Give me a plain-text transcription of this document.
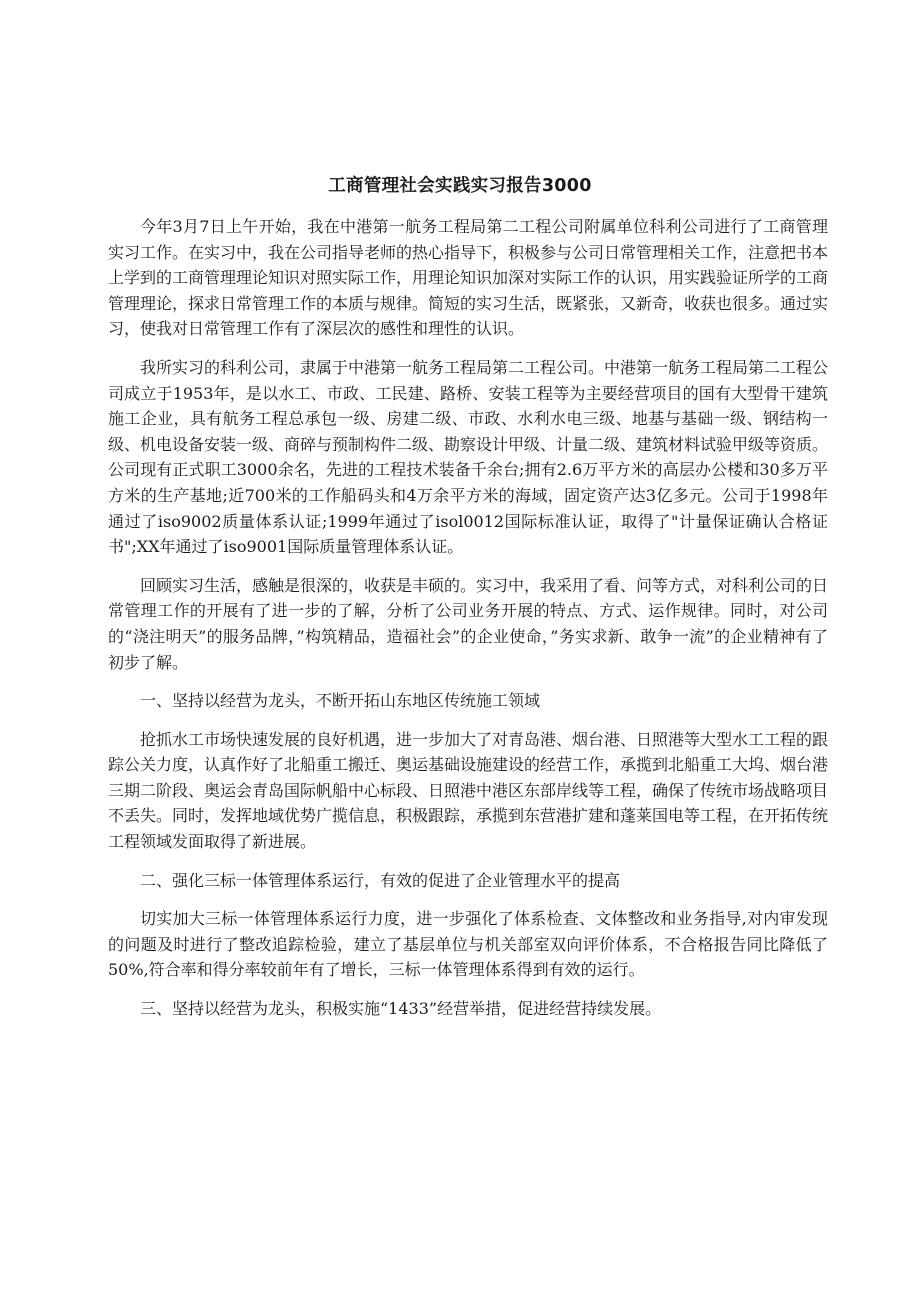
工商管理社会实践实习报告3000

今年3月7日上午开始，我在中港第一航务工程局第二工程公司附属单位科利公司进行了工商管理实习工作。在实习中，我在公司指导老师的热心指导下，积极参与公司日常管理相关工作，注意把书本上学到的工商管理理论知识对照实际工作，用理论知识加深对实际工作的认识，用实践验证所学的工商管理理论，探求日常管理工作的本质与规律。简短的实习生活，既紧张，又新奇，收获也很多。通过实习，使我对日常管理工作有了深层次的感性和理性的认识。

我所实习的科利公司，隶属于中港第一航务工程局第二工程公司。中港第一航务工程局第二工程公司成立于1953年，是以水工、市政、工民建、路桥、安装工程等为主要经营项目的国有大型骨干建筑施工企业，具有航务工程总承包一级、房建二级、市政、水利水电三级、地基与基础一级、钢结构一级、机电设备安装一级、商碎与预制构件二级、勘察设计甲级、计量二级、建筑材料试验甲级等资质。公司现有正式职工3000余名，先进的工程技术装备千余台;拥有2.6万平方米的高层办公楼和30多万平方米的生产基地;近700米的工作船码头和4万余平方米的海域，固定资产达3亿多元。公司于1998年通过了iso9002质量体系认证;1999年通过了isol0012国际标准认证，取得了"计量保证确认合格证书";XX年通过了iso9001国际质量管理体系认证。

回顾实习生活，感触是很深的，收获是丰硕的。实习中，我采用了看、问等方式，对科利公司的日常管理工作的开展有了进一步的了解，分析了公司业务开展的特点、方式、运作规律。同时，对公司的“浇注明天”的服务品牌，”构筑精品，造福社会”的企业使命，”务实求新、敢争一流”的企业精神有了初步了解。

一、坚持以经营为龙头，不断开拓山东地区传统施工领域

抢抓水工市场快速发展的良好机遇，进一步加大了对青岛港、烟台港、日照港等大型水工工程的跟踪公关力度，认真作好了北船重工搬迁、奥运基础设施建设的经营工作，承揽到北船重工大坞、烟台港三期二阶段、奥运会青岛国际帆船中心标段、日照港中港区东部岸线等工程，确保了传统市场战略项目不丢失。同时，发挥地域优势广揽信息，积极跟踪，承揽到东营港扩建和蓬莱国电等工程，在开拓传统工程领域发面取得了新进展。

二、强化三标一体管理体系运行，有效的促进了企业管理水平的提高

切实加大三标一体管理体系运行力度，进一步强化了体系检查、文体整改和业务指导,对内审发现的问题及时进行了整改追踪检验，建立了基层单位与机关部室双向评价体系，不合格报告同比降低了50%,符合率和得分率较前年有了增长，三标一体管理体系得到有效的运行。

三、坚持以经营为龙头，积极实施“1433”经营举措，促进经营持续发展。
